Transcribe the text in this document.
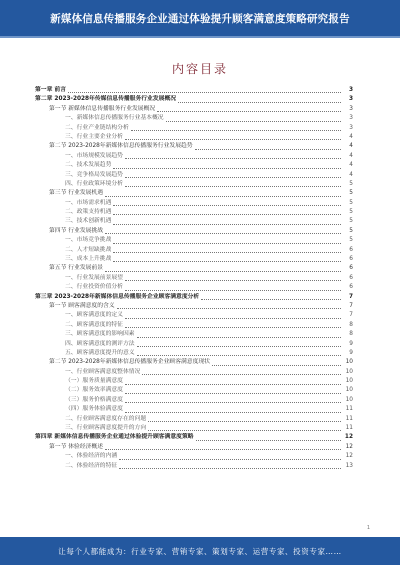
新媒体信息传播服务企业通过体验提升顾客满意度策略研究报告
内容目录
第一章 前言	3
第二章 2023-2028年传媒信息传播服务行业发展概况	3
第一节 新媒体信息传播服务行业发展概况	3
一、新媒体信息传播服务行业基本概况	3
二、行业产业链结构分析	3
三、行业主要企业分析	4
第二节 2023-2028年新媒体信息传播服务行业发展趋势	4
一、市场规模发展趋势	4
二、技术发展趋势	4
三、竞争格局发展趋势	4
四、行业政策环境分析	5
第三节 行业发展机遇	5
一、市场需求机遇	5
二、政策支持机遇	5
三、技术创新机遇	5
第四节 行业发展挑战	5
一、市场竞争挑战	5
二、人才短缺挑战	6
三、成本上升挑战	6
第五节 行业发展前景	6
一、行业发展前景展望	6
二、行业投资价值分析	6
第三章 2023-2028年新媒体信息传播服务企业顾客满意度分析	7
第一节 顾客满意度的含义	7
一、顾客满意度的定义	7
二、顾客满意度的特征	8
三、顾客满意度的影响因素	8
四、顾客满意度的测评方法	9
五、顾客满意度提升的意义	9
第二节 2023-2028年新媒体信息传播服务企业顾客满意度现状	10
一、行业顾客满意度整体情况	10
（一）服务质量满意度	10
（二）服务效率满意度	10
（三）服务价格满意度	10
（四）服务体验满意度	11
二、行业顾客满意度存在的问题	11
三、行业顾客满意度提升的方向	11
第四章 新媒体信息传播服务企业通过体验提升顾客满意度策略	12
第一节 体验经济概述	12
一、体验经济的内涵	12
二、体验经济的特征	13
1
让每个人都能成为：行业专家、营销专家、策划专家、运营专家、投资专家……
